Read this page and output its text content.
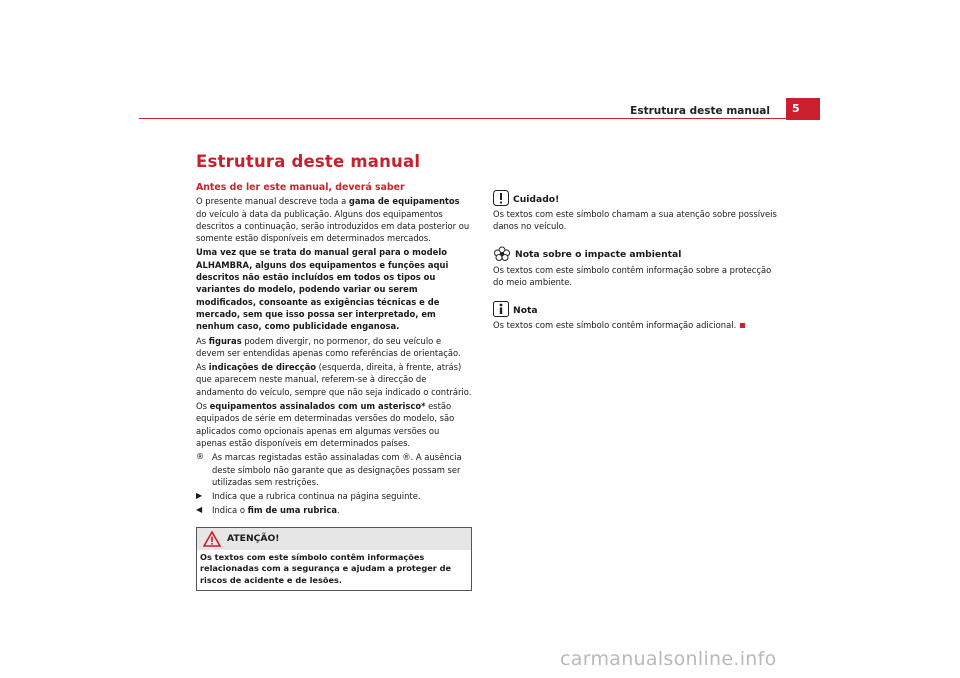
Estrutura deste manual	5
Estrutura deste manual
Antes de ler este manual, deverá saber

O presente manual descreve toda a gama de equipamentos do veículo à data da publicação. Alguns dos equipamentos descritos a continuação, serão introduzidos em data posterior ou somente estão disponíveis em determinados mercados.

Uma vez que se trata do manual geral para o modelo ALHAMBRA, alguns dos equipamentos e funções aqui descritos não estão incluídos em todos os tipos ou variantes do modelo, podendo variar ou serem modificados, consoante as exigências técnicas e de mercado, sem que isso possa ser interpretado, em nenhum caso, como publicidade enganosa.

As figuras podem divergir, no pormenor, do seu veículo e devem ser entendidas apenas como referências de orientação.

As indicações de direcção (esquerda, direita, à frente, atrás) que aparecem neste manual, referem-se à direcção de andamento do veículo, sempre que não seja indicado o contrário.

Os equipamentos assinalados com um asterisco* estão equipados de série em determinadas versões do modelo, são aplicados como opcionais apenas em algumas versões ou apenas estão disponíveis em determinados países.

® As marcas registadas estão assinaladas com ®. A ausência deste símbolo não garante que as designações possam ser utilizadas sem restrições.
▶	Indica que a rubrica continua na página seguinte.
◀	Indica o fim de uma rubrica.
ATENÇÃO!
Os textos com este símbolo contêm informações relacionadas com a segurança e ajudam a proteger de riscos de acidente e de lesões.
Cuidado!
Os textos com este símbolo chamam a sua atenção sobre possíveis danos no veículo.
Nota sobre o impacte ambiental
Os textos com este símbolo contêm informação sobre a protecção do meio ambiente.
Nota
Os textos com este símbolo contêm informação adicional.
carmanualsonline.info
